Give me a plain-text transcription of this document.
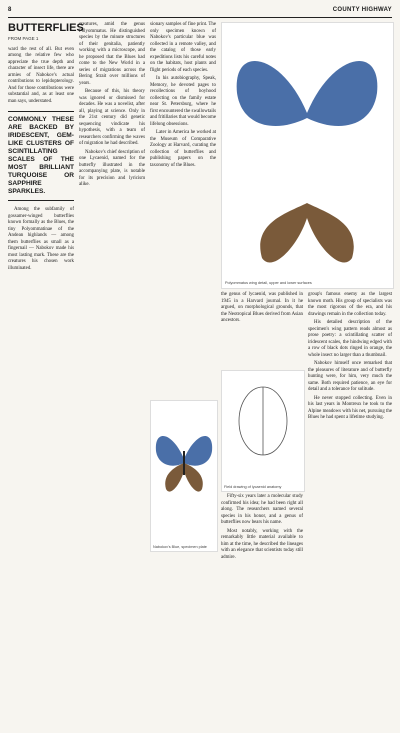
8	COUNTY HIGHWAY
BUTTERFLIES
FROM PAGE 1

ward the rest of all. But even among the relative few who appreciate the true depth and character of insect life, there are armies of Nabokov's actual contributions to lepidopterology. And for those contributions were substantial and, as at least one man says, understated.

COMMONLY THESE ARE BACKED BY IRIDESCENT, GEM-LIKE CLUSTERS OF SCINTILLATING SCALES OF THE MOST BRILLIANT TURQUOISE OR SAPPHIRE SPARKLES.

Among the subfamily of gossamer-winged butterflies known formally as the Blues, the tiny Polyommatinae of the Andean highlands — among them butterflies as small as a fingernail — Nabokov made his most lasting mark. These are the creatures his chosen work illuminated.

creatures, amid the genus Polyommatus. He distinguished species by the minute structures of their genitalia, patiently working with a microscope, and he proposed that the Blues had come to the New World in a series of migrations across the Bering Strait over millions of years.

Because of this, his theory was ignored or dismissed for decades. He was a novelist, after all, playing at science. Only in the 21st century did genetic sequencing vindicate his hypothesis, with a team of researchers confirming the waves of migration he had described.

Nabokov's chief description of one Lycaenid, named for the butterfly illustrated in the accompanying plate, is notable for its precision and lyricism alike.

sionary samples of fine print. The only specimen known of Nabokov's particular blue was collected in a remote valley, and the catalog of those early expeditions lists his careful notes on the habitats, host plants and flight periods of each species.

In his autobiography, Speak, Memory, he devoted pages to recollections of boyhood collecting on the family estate near St. Petersburg, where he first encountered the swallowtails and fritillaries that would become lifelong obsessions.

Later in America he worked at the Museum of Comparative Zoology at Harvard, curating the collection of butterflies and publishing papers on the taxonomy of the Blues.

Nabokov's Blue, specimen plate
Polyommatus wing detail, upper and lower surfaces

the genus of lycaenid, was published in 1945 in a Harvard journal. In it he argued, on morphological grounds, that the Neotropical Blues derived from Asian ancestors.

Field drawing of lycaenid anatomy

Fifty-six years later a molecular study confirmed his idea; he had been right all along. The researchers named several species in his honor, and a genus of butterflies now bears his name.

Most notably, working with the remarkably little material available to him at the time, he described the lineages with an elegance that scientists today still admire.

group's famous enemy as the largest known moth. His group of specialists was the most rigorous of the era, and his drawings remain in the collection today.

His detailed description of the specimen's wing pattern reads almost as prose poetry: a scintillating scatter of iridescent scales, the hindwing edged with a row of black dots ringed in orange, the whole insect no larger than a thumbnail.

Nabokov himself once remarked that the pleasures of literature and of butterfly hunting were, for him, very much the same. Both required patience, an eye for detail and a tolerance for solitude.

He never stopped collecting. Even in his last years in Montreux he took to the Alpine meadows with his net, pursuing the Blues he had spent a lifetime studying.
